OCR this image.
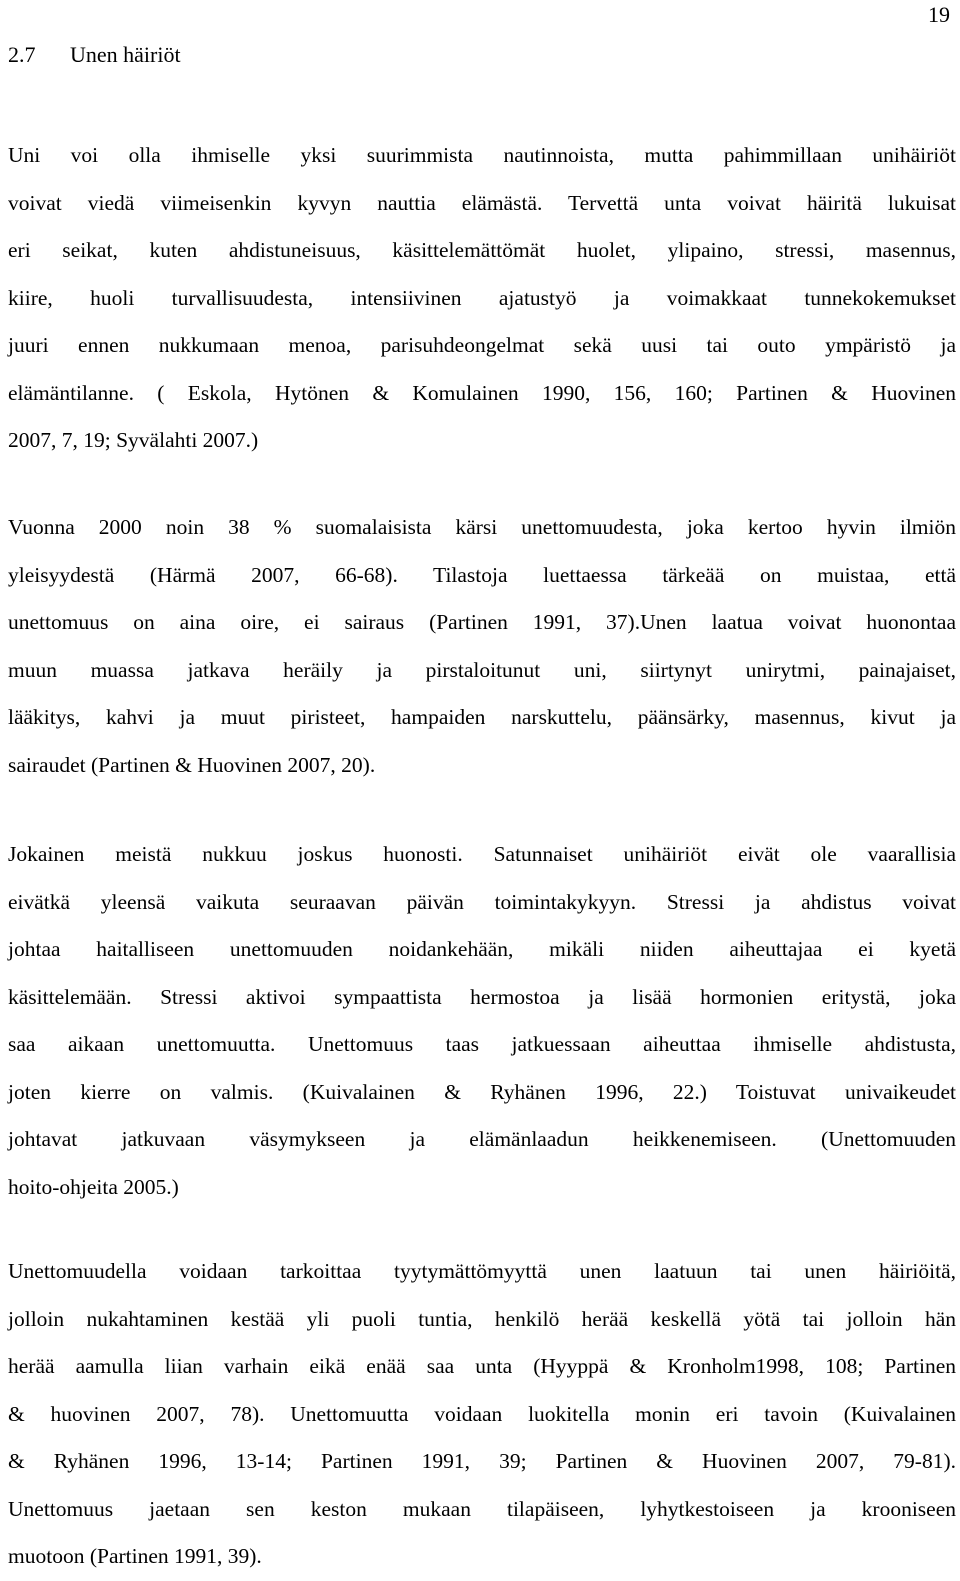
19
2.7	Unen häiriöt
Uni voi olla ihmiselle yksi suurimmista nautinnoista, mutta pahimmillaan unihäiriöt
voivat viedä viimeisenkin kyvyn nauttia elämästä. Tervettä unta voivat häiritä lukuisat
eri seikat, kuten ahdistuneisuus, käsittelemättömät huolet, ylipaino, stressi, masennus,
kiire, huoli turvallisuudesta, intensiivinen ajatustyö ja voimakkaat tunnekokemukset
juuri ennen nukkumaan menoa, parisuhdeongelmat sekä uusi tai outo ympäristö ja
elämäntilanne. ( Eskola, Hytönen & Komulainen 1990, 156, 160; Partinen & Huovinen
2007, 7, 19; Syvälahti 2007.)
Vuonna 2000 noin 38 % suomalaisista kärsi unettomuudesta, joka kertoo hyvin ilmiön
yleisyydestä (Härmä 2007, 66-68). Tilastoja luettaessa tärkeää on muistaa, että
unettomuus on aina oire, ei sairaus (Partinen 1991, 37).Unen laatua voivat huonontaa
muun muassa jatkava heräily ja pirstaloitunut uni, siirtynyt unirytmi, painajaiset,
lääkitys, kahvi ja muut piristeet, hampaiden narskuttelu, päänsärky, masennus, kivut ja
sairaudet (Partinen & Huovinen 2007, 20).
Jokainen meistä nukkuu joskus huonosti. Satunnaiset unihäiriöt eivät ole vaarallisia
eivätkä yleensä vaikuta seuraavan päivän toimintakykyyn. Stressi ja ahdistus voivat
johtaa haitalliseen unettomuuden noidankehään, mikäli niiden aiheuttajaa ei kyetä
käsittelemään. Stressi aktivoi sympaattista hermostoa ja lisää hormonien eritystä, joka
saa aikaan unettomuutta. Unettomuus taas jatkuessaan aiheuttaa ihmiselle ahdistusta,
joten kierre on valmis. (Kuivalainen & Ryhänen 1996, 22.) Toistuvat univaikeudet
johtavat jatkuvaan väsymykseen ja elämänlaadun heikkenemiseen. (Unettomuuden
hoito-ohjeita 2005.)
Unettomuudella voidaan tarkoittaa tyytymättömyyttä unen laatuun tai unen häiriöitä,
jolloin nukahtaminen kestää yli puoli tuntia, henkilö herää keskellä yötä tai jolloin hän
herää aamulla liian varhain eikä enää saa unta (Hyyppä & Kronholm1998, 108; Partinen
& huovinen 2007, 78). Unettomuutta voidaan luokitella monin eri tavoin (Kuivalainen
& Ryhänen 1996, 13-14; Partinen 1991, 39; Partinen & Huovinen 2007, 79-81).
Unettomuus jaetaan sen keston mukaan tilapäiseen, lyhytkestoiseen ja krooniseen
muotoon (Partinen 1991, 39).
